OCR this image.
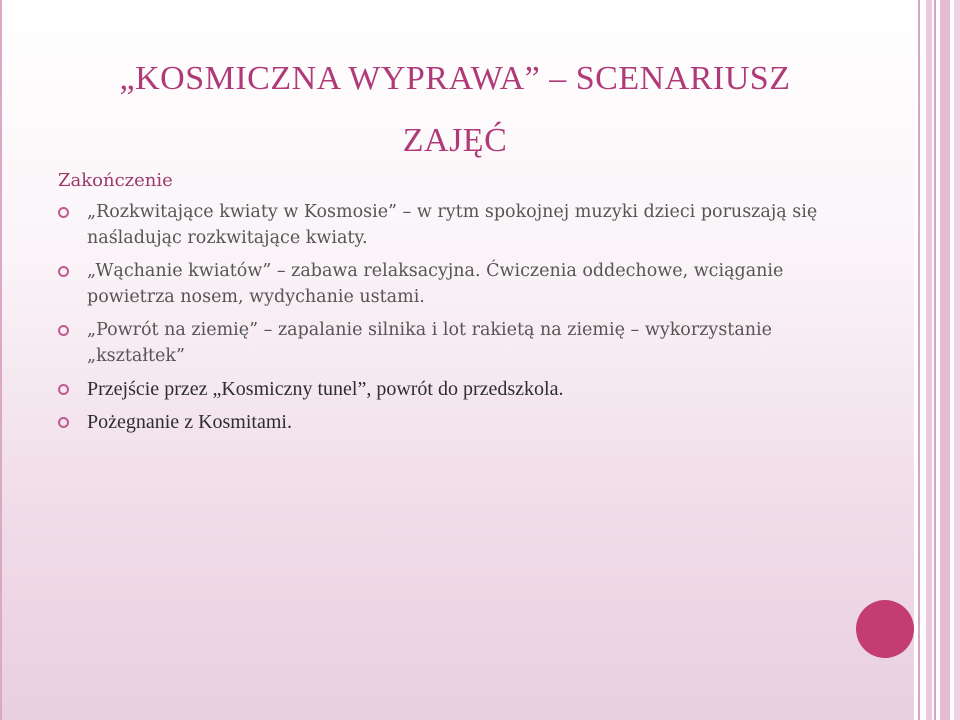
„KOSMICZNA WYPRAWA” – SCENARIUSZ
ZAJĘĆ
Zakończenie
„Rozkwitające kwiaty w Kosmosie” – w rytm spokojnej muzyki dzieci poruszają się naśladując rozkwitające kwiaty.
„Wąchanie kwiatów” – zabawa relaksacyjna. Ćwiczenia oddechowe, wciąganie powietrza nosem, wydychanie ustami.
„Powrót na ziemię” – zapalanie silnika i lot rakietą na ziemię – wykorzystanie „kształtek”
Przejście przez „Kosmiczny tunel”, powrót do przedszkola.
Pożegnanie z Kosmitami.
